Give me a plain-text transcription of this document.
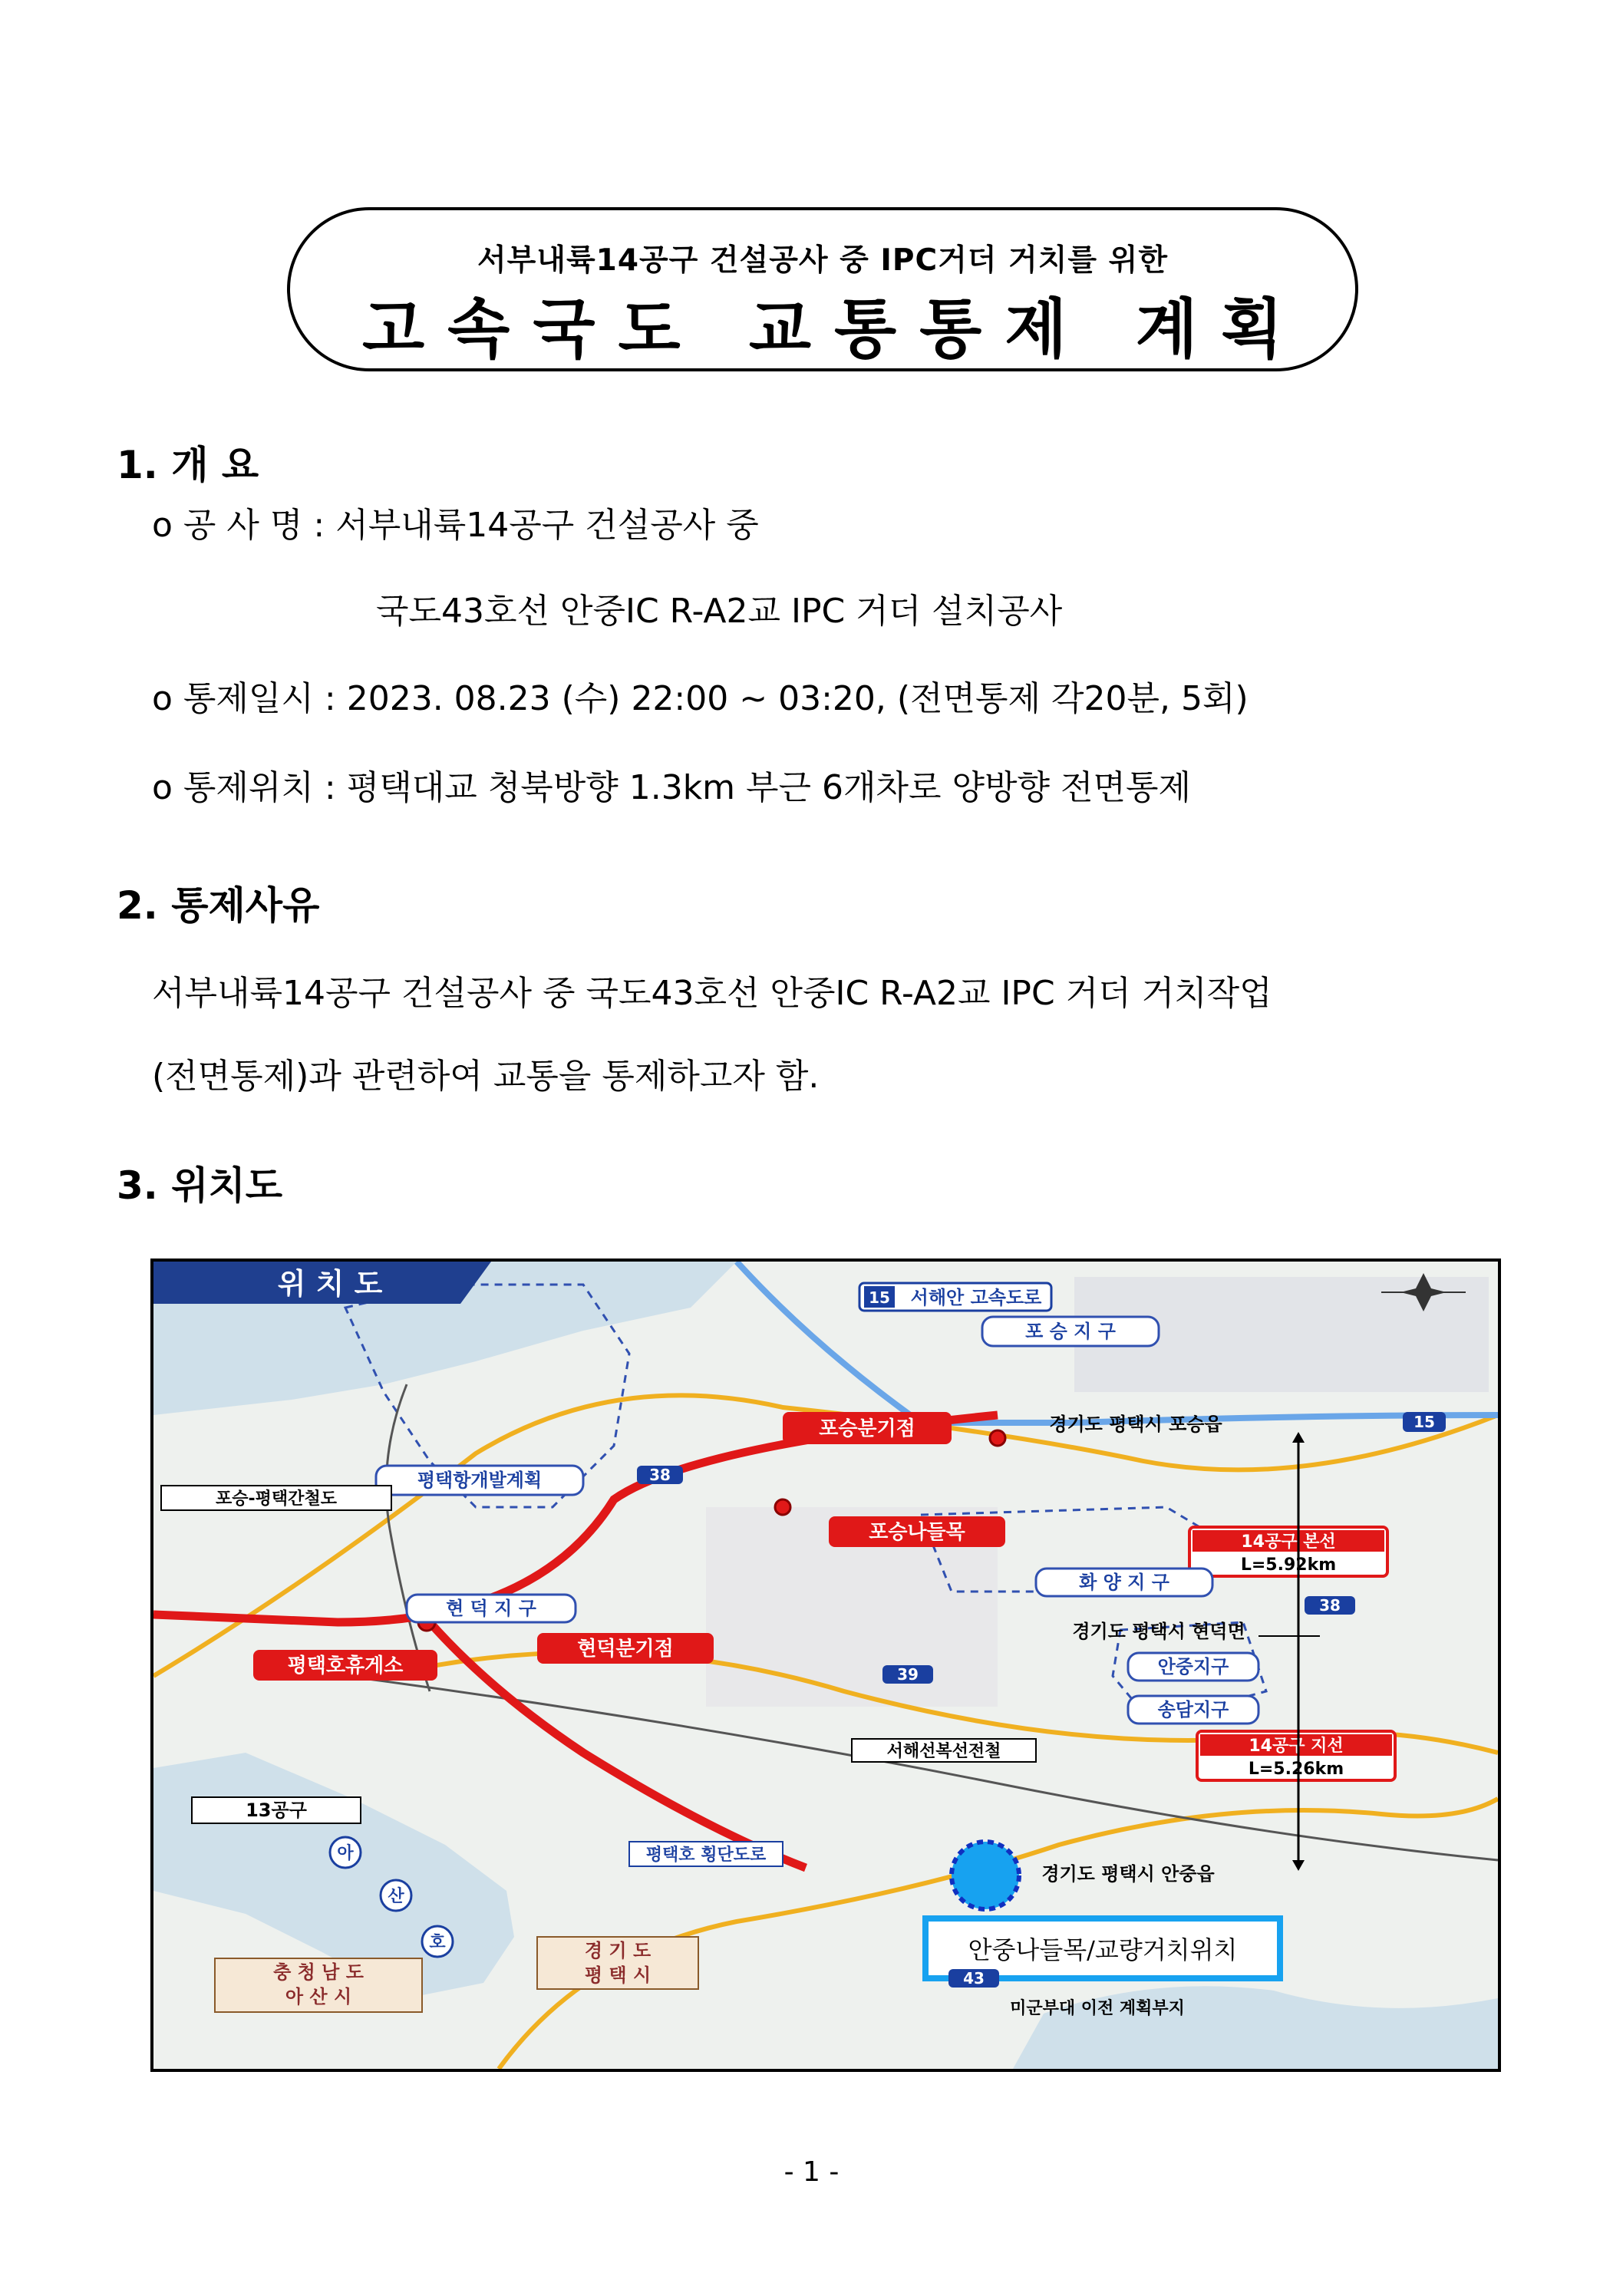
서부내륙14공구 건설공사 중 IPC거더 거치를 위한
고속국도 교통통제 계획
1. 개 요
o 공 사 명 : 서부내륙14공구 건설공사 중
국도43호선 안중IC R-A2교 IPC 거더 설치공사
o 통제일시 : 2023. 08.23 (수) 22:00 ~ 03:20, (전면통제 각20분, 5회)
o 통제위치 : 평택대교 청북방향 1.3km 부근 6개차로 양방향 전면통제
2. 통제사유
서부내륙14공구 건설공사 중 국도43호선 안중IC R-A2교 IPC 거더 거치작업
(전면통제)과 관련하여 교통을 통제하고자 함.
3. 위치도
위 치 도	15 서해안 고속도로
포 승 지 구
포승분기점	경기도 평택시 포승읍	15
평택항개발계획	38
포승-평택간철도
포승나들목	14공구 본선
L=5.92km
화 양 지 구
38
현 덕 지 구
경기도 평택시 현덕면
현덕분기점
평택호휴게소	안중지구
39
송담지구
14공구 지선
L=5.26km
서해선복선전철
13공구
평택호 횡단도로
경기도 평택시 안중읍
아
산
호	안중나들목/교량거치위치
43
경 기 도
평 택 시
충 청 남 도
아 산 시
미군부대 이전 계획부지
- 1 -
